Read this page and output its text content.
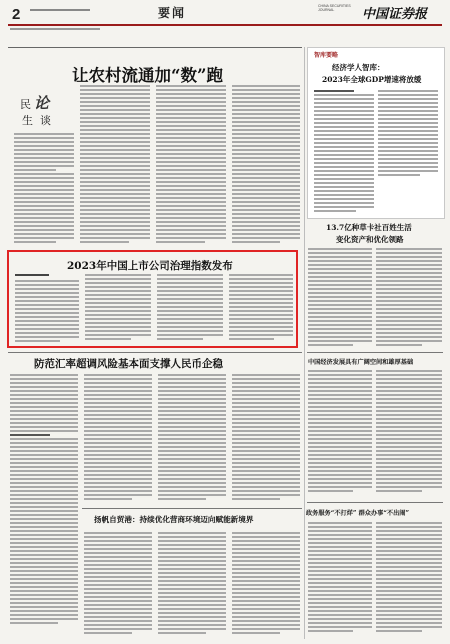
2	要闻	CHINA SECURITIES JOURNAL	中国证券报
让农村流通加“数”跑
民 论
生 谈
智库要略
经济学人智库：
2023年全球GDP增速将放缓
13.7亿种草卡社百姓生活
变化资产和优化领路
中国经济发展具有广阔空间和雄厚基础
政务服务“不打烊” 群众办事“不出闹”
2023年中国上市公司治理指数发布
防范汇率超调风险基本面支撑人民币企稳
扬帆自贸港：持续优化营商环境迈向赋能新境界
